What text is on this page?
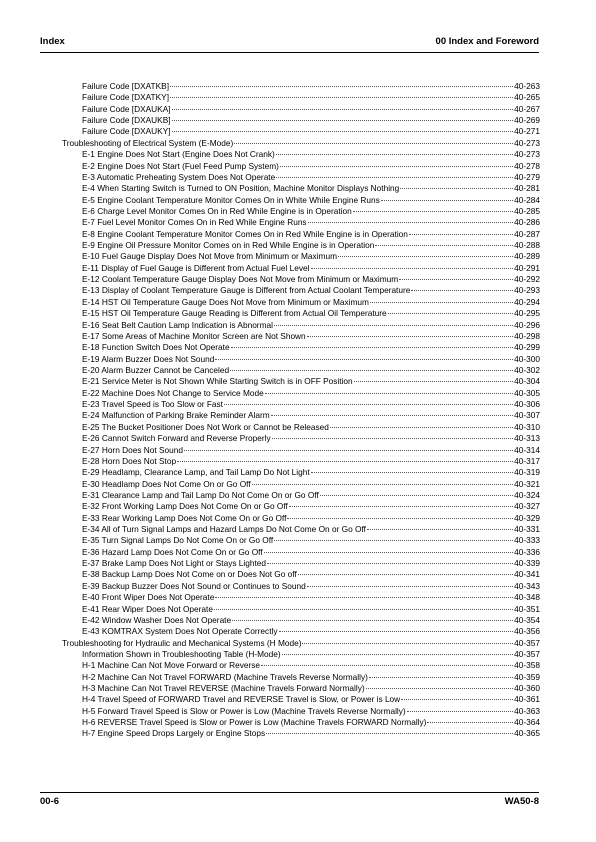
Index	00 Index and Foreword
Failure Code [DXATKB]	40-263
Failure Code [DXATKY]	40-265
Failure Code [DXAUKA]	40-267
Failure Code [DXAUKB]	40-269
Failure Code [DXAUKY]	40-271
Troubleshooting of Electrical System (E-Mode)	40-273
E-1 Engine Does Not Start (Engine Does Not Crank)	40-273
E-2 Engine Does Not Start (Fuel Feed Pump System)	40-278
E-3 Automatic Preheating System Does Not Operate	40-279
E-4 When Starting Switch is Turned to ON Position, Machine Monitor Displays Nothing	40-281
E-5 Engine Coolant Temperature Monitor Comes On in White While Engine Runs	40-284
E-6 Charge Level Monitor Comes On in Red While Engine is in Operation	40-285
E-7 Fuel Level Monitor Comes On in Red While Engine Runs	40-286
E-8 Engine Coolant Temperature Monitor Comes On in Red While Engine is in Operation	40-287
E-9 Engine Oil Pressure Monitor Comes on in Red While Engine is in Operation	40-288
E-10 Fuel Gauge Display Does Not Move from Minimum or Maximum	40-289
E-11 Display of Fuel Gauge is Different from Actual Fuel Level	40-291
E-12 Coolant Temperature Gauge Display Does Not Move from Minimum or Maximum	40-292
E-13 Display of Coolant Temperature Gauge is Different from Actual Coolant Temperature	40-293
E-14 HST Oil Temperature Gauge Does Not Move from Minimum or Maximum	40-294
E-15 HST Oil Temperature Gauge Reading is Different from Actual Oil Temperature	40-295
E-16 Seat Belt Caution Lamp Indication is Abnormal	40-296
E-17 Some Areas of Machine Monitor Screen are Not Shown	40-298
E-18 Function Switch Does Not Operate	40-299
E-19 Alarm Buzzer Does Not Sound	40-300
E-20 Alarm Buzzer Cannot be Canceled	40-302
E-21 Service Meter is Not Shown While Starting Switch is in OFF Position	40-304
E-22 Machine Does Not Change to Service Mode	40-305
E-23 Travel Speed is Too Slow or Fast	40-306
E-24 Malfunction of Parking Brake Reminder Alarm	40-307
E-25 The Bucket Positioner Does Not Work or Cannot be Released	40-310
E-26 Cannot Switch Forward and Reverse Properly	40-313
E-27 Horn Does Not Sound	40-314
E-28 Horn Does Not Stop	40-317
E-29 Headlamp, Clearance Lamp, and Tail Lamp Do Not Light	40-319
E-30 Headlamp Does Not Come On or Go Off	40-321
E-31 Clearance Lamp and Tail Lamp Do Not Come On or Go Off	40-324
E-32 Front Working Lamp Does Not Come On or Go Off	40-327
E-33 Rear Working Lamp Does Not Come On or Go Off	40-329
E-34 All of Turn Signal Lamps and Hazard Lamps Do Not Come On or Go Off	40-331
E-35 Turn Signal Lamps Do Not Come On or Go Off	40-333
E-36 Hazard Lamp Does Not Come On or Go Off	40-336
E-37 Brake Lamp Does Not Light or Stays Lighted	40-339
E-38 Backup Lamp Does Not Come on or Does Not Go off	40-341
E-39 Backup Buzzer Does Not Sound or Continues to Sound	40-343
E-40 Front Wiper Does Not Operate	40-348
E-41 Rear Wiper Does Not Operate	40-351
E-42 Window Washer Does Not Operate	40-354
E-43 KOMTRAX System Does Not Operate Correctly	40-356
Troubleshooting for Hydraulic and Mechanical Systems (H Mode)	40-357
Information Shown in Troubleshooting Table (H-Mode)	40-357
H-1 Machine Can Not Move Forward or Reverse	40-358
H-2 Machine Can Not Travel FORWARD (Machine Travels Reverse Normally)	40-359
H-3 Machine Can Not Travel REVERSE (Machine Travels Forward Normally)	40-360
H-4 Travel Speed of FORWARD Travel and REVERSE Travel is Slow, or Power is Low	40-361
H-5 Forward Travel Speed is Slow or Power is Low (Machine Travels Reverse Normally)	40-363
H-6 REVERSE Travel Speed is Slow or Power is Low (Machine Travels FORWARD Normally)	40-364
H-7 Engine Speed Drops Largely or Engine Stops	40-365
00-6	WA50-8
